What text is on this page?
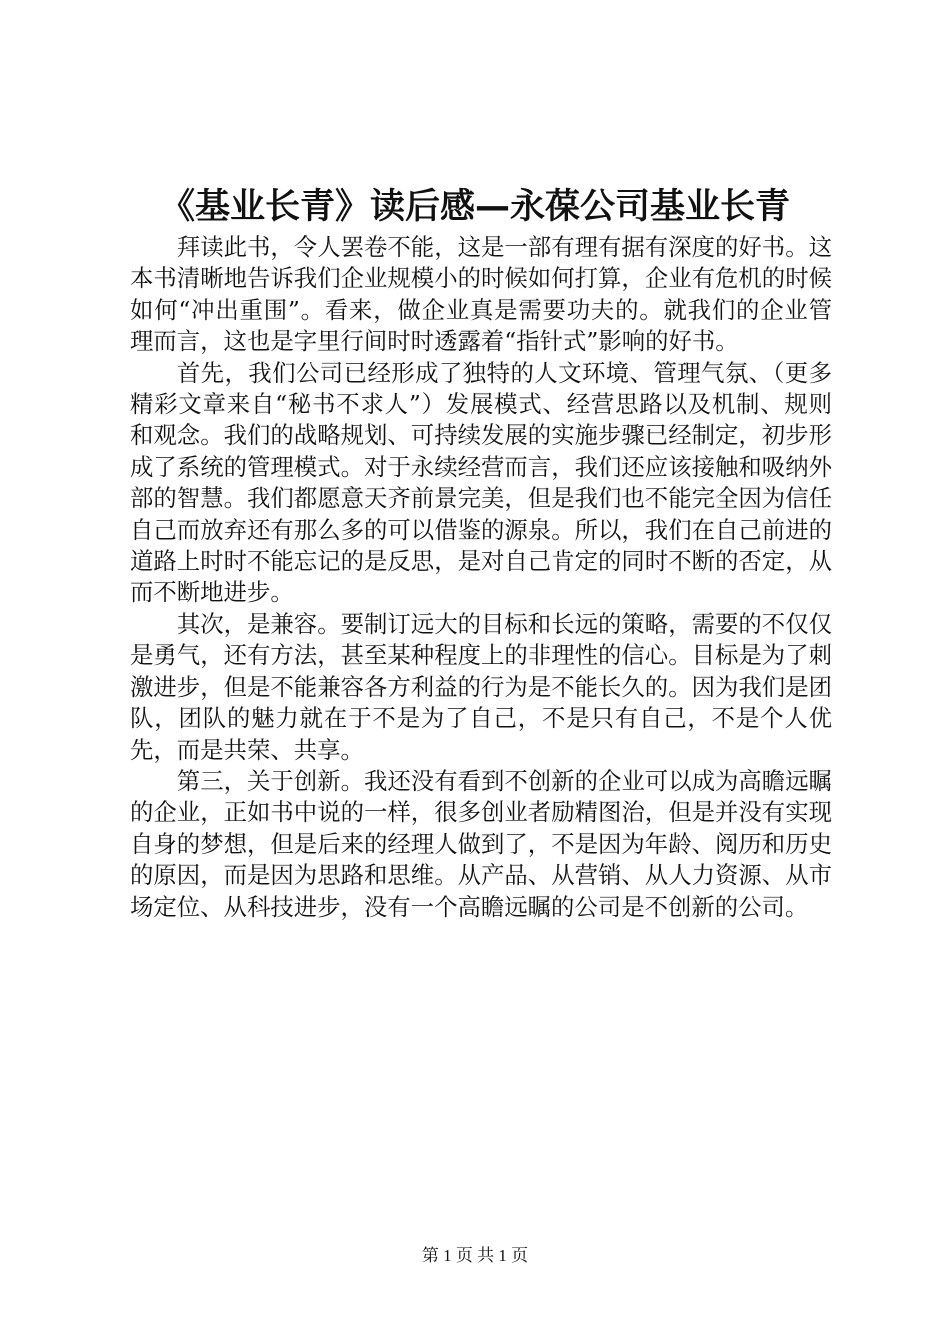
《基业长青》读后感—永葆公司基业长青

拜读此书，令人罢卷不能，这是一部有理有据有深度的好书。这本书清晰地告诉我们企业规模小的时候如何打算，企业有危机的时候如何“冲出重围”。看来，做企业真是需要功夫的。就我们的企业管理而言，这也是字里行间时时透露着“指针式”影响的好书。

首先，我们公司已经形成了独特的人文环境、管理气氛、（更多精彩文章来自“秘书不求人”）发展模式、经营思路以及机制、规则和观念。我们的战略规划、可持续发展的实施步骤已经制定，初步形成了系统的管理模式。对于永续经营而言，我们还应该接触和吸纳外部的智慧。我们都愿意天齐前景完美，但是我们也不能完全因为信任自己而放弃还有那么多的可以借鉴的源泉。所以，我们在自己前进的道路上时时不能忘记的是反思，是对自己肯定的同时不断的否定，从而不断地进步。

其次，是兼容。要制订远大的目标和长远的策略，需要的不仅仅是勇气，还有方法，甚至某种程度上的非理性的信心。目标是为了刺激进步，但是不能兼容各方利益的行为是不能长久的。因为我们是团队，团队的魅力就在于不是为了自己，不是只有自己，不是个人优先，而是共荣、共享。

第三，关于创新。我还没有看到不创新的企业可以成为高瞻远瞩的企业，正如书中说的一样，很多创业者励精图治，但是并没有实现自身的梦想，但是后来的经理人做到了，不是因为年龄、阅历和历史的原因，而是因为思路和思维。从产品、从营销、从人力资源、从市场定位、从科技进步，没有一个高瞻远瞩的公司是不创新的公司。

第 1 页 共 1 页
